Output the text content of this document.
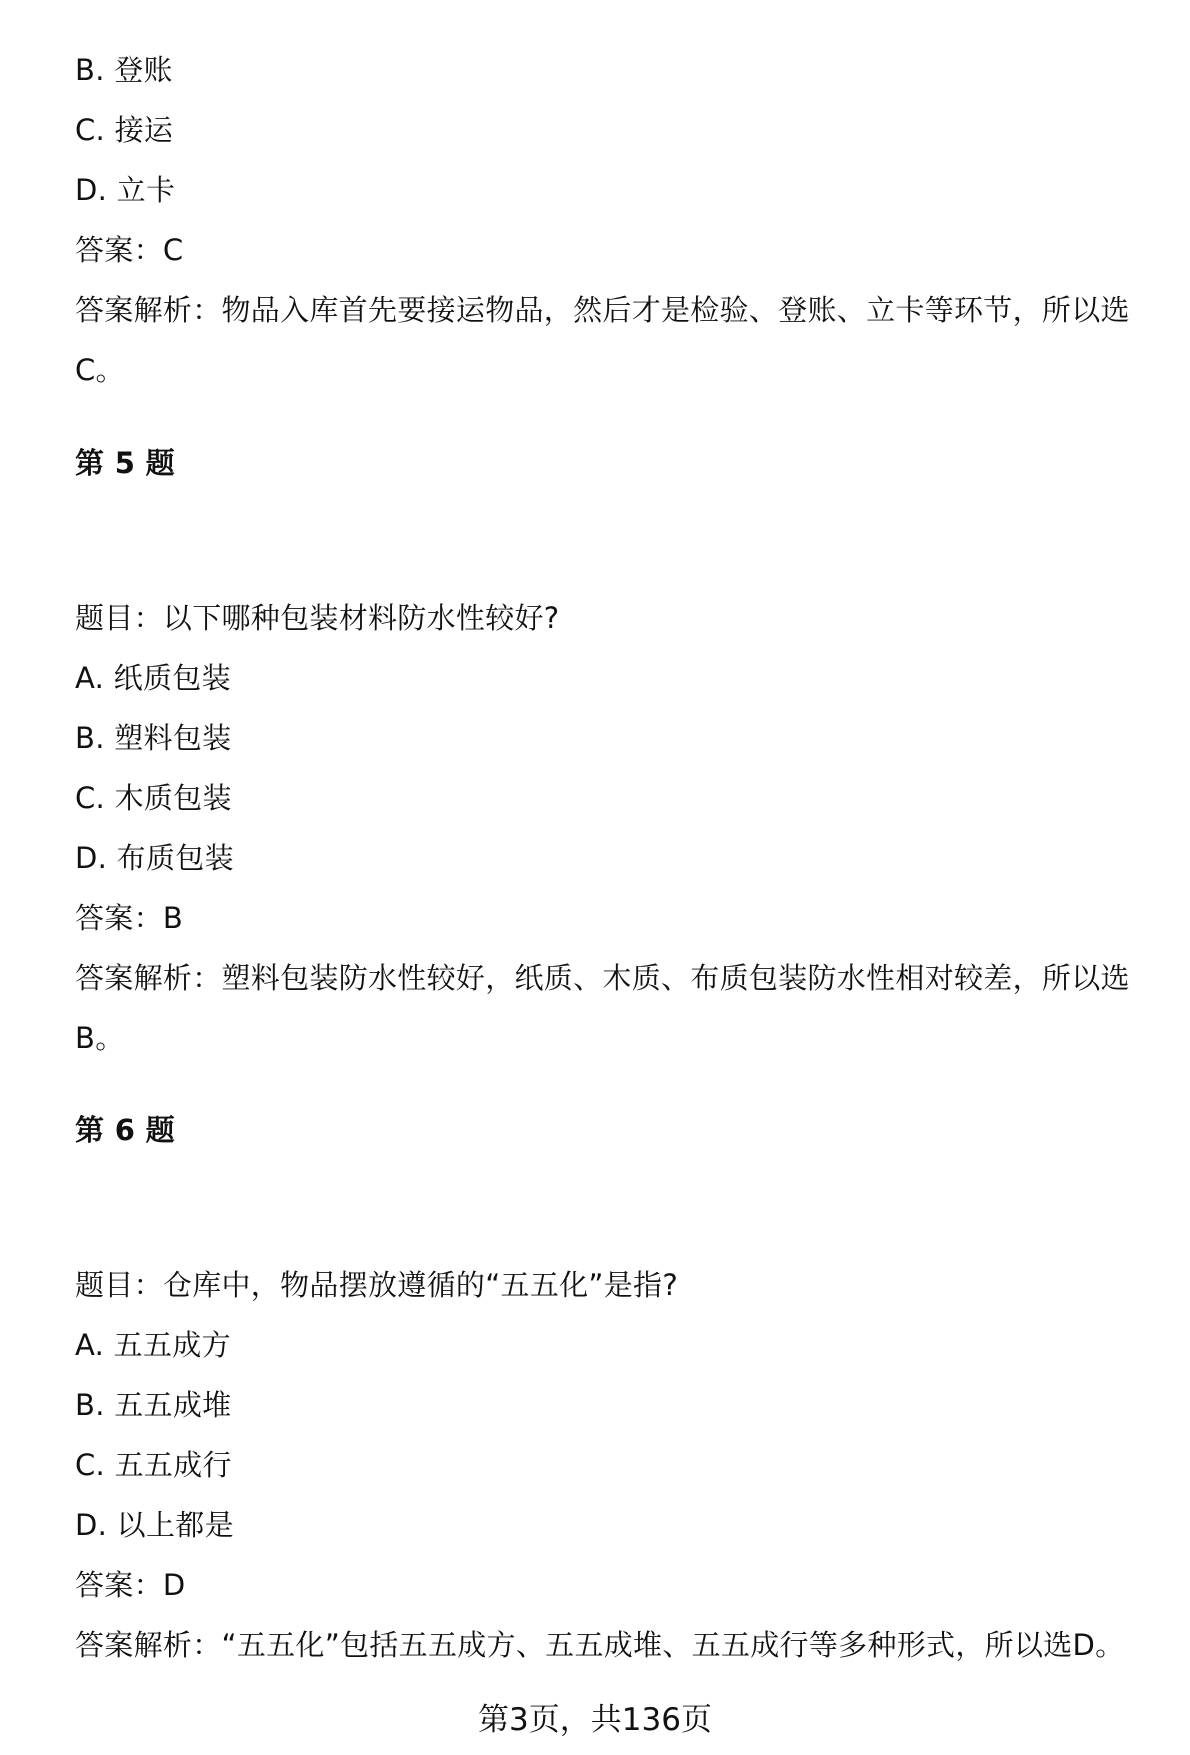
B. 登账
C. 接运
D. 立卡
答案：C
答案解析：物品入库首先要接运物品，然后才是检验、登账、立卡等环节，所以选
C。
第 5 题
题目：以下哪种包装材料防水性较好?
A. 纸质包装
B. 塑料包装
C. 木质包装
D. 布质包装
答案：B
答案解析：塑料包装防水性较好，纸质、木质、布质包装防水性相对较差，所以选
B。
第 6 题
题目：仓库中，物品摆放遵循的“五五化”是指?
A. 五五成方
B. 五五成堆
C. 五五成行
D. 以上都是
答案：D
答案解析：“五五化”包括五五成方、五五成堆、五五成行等多种形式，所以选D。
第3页，共136页
